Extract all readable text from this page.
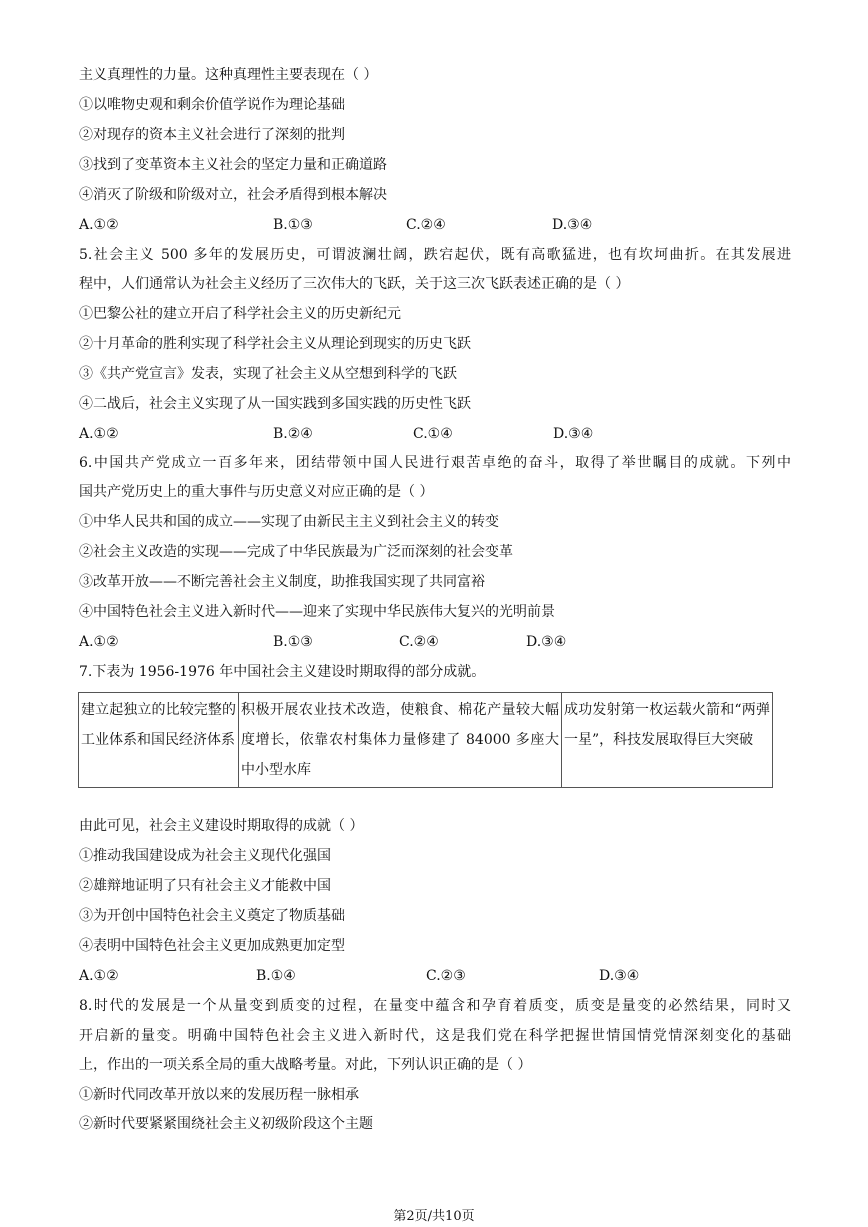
主义真理性的力量。这种真理性主要表现在（ ）
①以唯物史观和剩余价值学说作为理论基础
②对现存的资本主义社会进行了深刻的批判
③找到了变革资本主义社会的坚定力量和正确道路
④消灭了阶级和阶级对立，社会矛盾得到根本解决
A.①②	B.①③	C.②④	D.③④
5.社会主义 500 多年的发展历史，可谓波澜壮阔，跌宕起伏，既有高歌猛进，也有坎坷曲折。在其发展进
程中，人们通常认为社会主义经历了三次伟大的飞跃，关于这三次飞跃表述正确的是（ ）
①巴黎公社的建立开启了科学社会主义的历史新纪元
②十月革命的胜利实现了科学社会主义从理论到现实的历史飞跃
③《共产党宣言》发表，实现了社会主义从空想到科学的飞跃
④二战后，社会主义实现了从一国实践到多国实践的历史性飞跃
A.①②	B.②④	C.①④	D.③④
6.中国共产党成立一百多年来，团结带领中国人民进行艰苦卓绝的奋斗，取得了举世瞩目的成就。下列中
国共产党历史上的重大事件与历史意义对应正确的是（ ）
①中华人民共和国的成立——实现了由新民主主义到社会主义的转变
②社会主义改造的实现——完成了中华民族最为广泛而深刻的社会变革
③改革开放——不断完善社会主义制度，助推我国实现了共同富裕
④中国特色社会主义进入新时代——迎来了实现中华民族伟大复兴的光明前景
A.①②	B.①③	C.②④	D.③④
7.下表为 1956-1976 年中国社会主义建设时期取得的部分成就。
建立起独立的比较完整的工业体系和国民经济体系	积极开展农业技术改造，使粮食、棉花产量较大幅度增长，依靠农村集体力量修建了 84000 多座大中小型水库	成功发射第一枚运载火箭和“两弹一星”，科技发展取得巨大突破
由此可见，社会主义建设时期取得的成就（ ）
①推动我国建设成为社会主义现代化强国
②雄辩地证明了只有社会主义才能救中国
③为开创中国特色社会主义奠定了物质基础
④表明中国特色社会主义更加成熟更加定型
A.①②	B.①④	C.②③	D.③④
8.时代的发展是一个从量变到质变的过程，在量变中蕴含和孕育着质变，质变是量变的必然结果，同时又
开启新的量变。明确中国特色社会主义进入新时代，这是我们党在科学把握世情国情党情深刻变化的基础
上，作出的一项关系全局的重大战略考量。对此，下列认识正确的是（ ）
①新时代同改革开放以来的发展历程一脉相承
②新时代要紧紧围绕社会主义初级阶段这个主题
第2页/共10页
